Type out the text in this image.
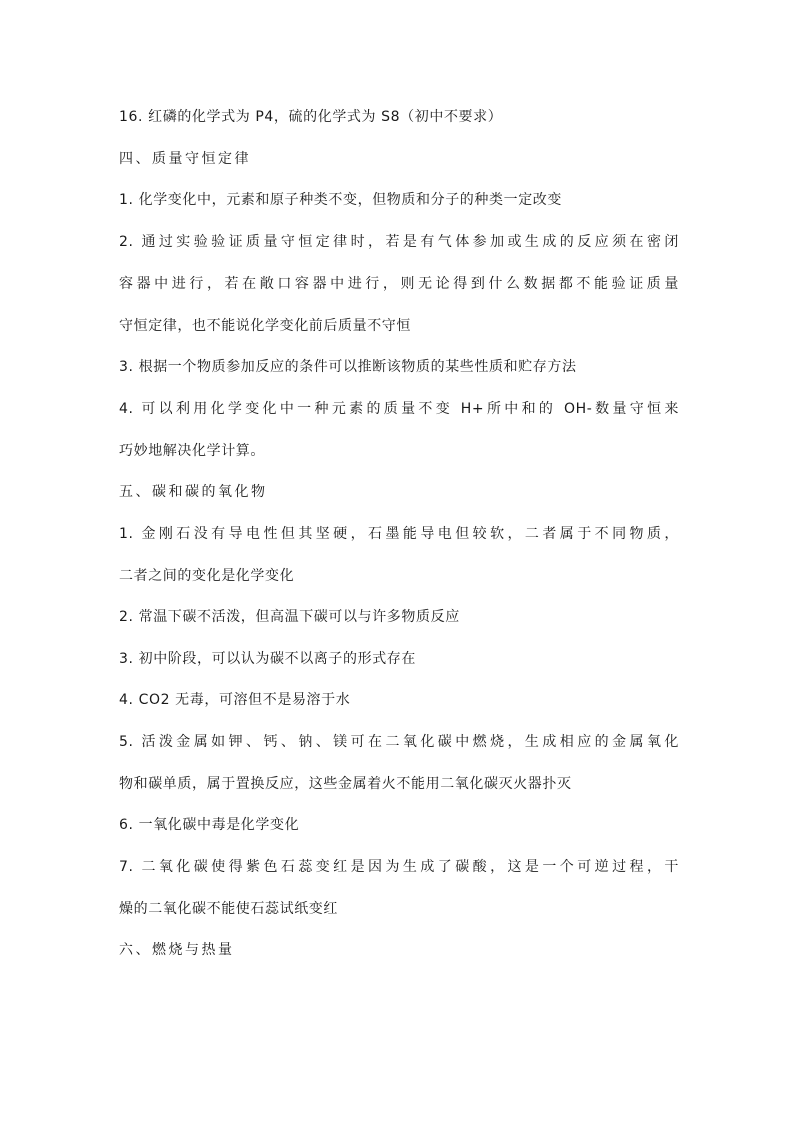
16. 红磷的化学式为 P4，硫的化学式为 S8（初中不要求）
四、质量守恒定律
1. 化学变化中，元素和原子种类不变，但物质和分子的种类一定改变
2. 通过实验验证质量守恒定律时，若是有气体参加或生成的反应须在密闭
容器中进行，若在敞口容器中进行，则无论得到什么数据都不能验证质量
守恒定律，也不能说化学变化前后质量不守恒
3. 根据一个物质参加反应的条件可以推断该物质的某些性质和贮存方法
4. 可以利用化学变化中一种元素的质量不变 H+所中和的 OH-数量守恒来
巧妙地解决化学计算。
五、碳和碳的氧化物
1. 金刚石没有导电性但其坚硬，石墨能导电但较软，二者属于不同物质，
二者之间的变化是化学变化
2. 常温下碳不活泼，但高温下碳可以与许多物质反应
3. 初中阶段，可以认为碳不以离子的形式存在
4. CO2 无毒，可溶但不是易溶于水
5. 活泼金属如钾、钙、钠、镁可在二氧化碳中燃烧，生成相应的金属氧化
物和碳单质，属于置换反应，这些金属着火不能用二氧化碳灭火器扑灭
6. 一氧化碳中毒是化学变化
7. 二氧化碳使得紫色石蕊变红是因为生成了碳酸，这是一个可逆过程，干
燥的二氧化碳不能使石蕊试纸变红
六、燃烧与热量
